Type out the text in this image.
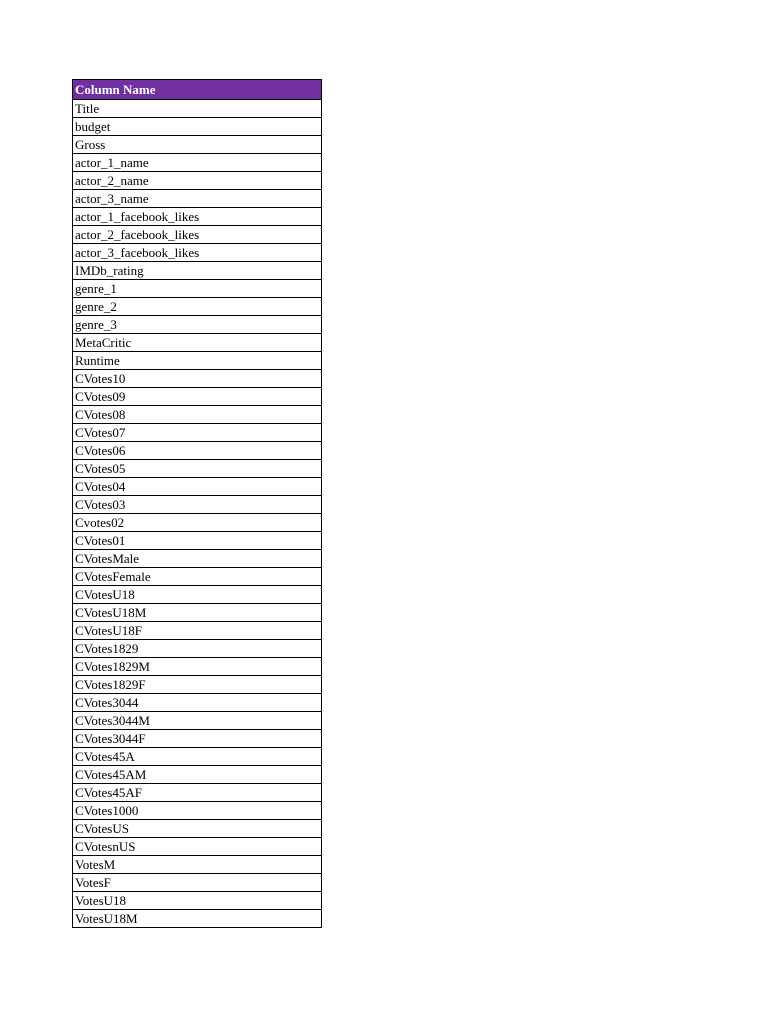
Column Name
Title
budget
Gross
actor_1_name
actor_2_name
actor_3_name
actor_1_facebook_likes
actor_2_facebook_likes
actor_3_facebook_likes
IMDb_rating
genre_1
genre_2
genre_3
MetaCritic
Runtime
CVotes10
CVotes09
CVotes08
CVotes07
CVotes06
CVotes05
CVotes04
CVotes03
Cvotes02
CVotes01
CVotesMale
CVotesFemale
CVotesU18
CVotesU18M
CVotesU18F
CVotes1829
CVotes1829M
CVotes1829F
CVotes3044
CVotes3044M
CVotes3044F
CVotes45A
CVotes45AM
CVotes45AF
CVotes1000
CVotesUS
CVotesnUS
VotesM
VotesF
VotesU18
VotesU18M
